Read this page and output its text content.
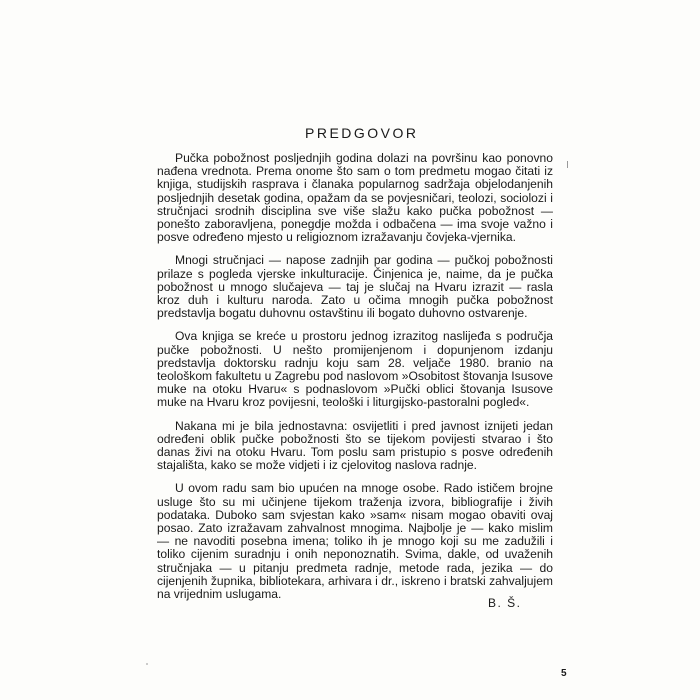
PREDGOVOR

Pučka pobožnost posljednjih godina dolazi na površinu kao ponovno nađena vrednota. Prema onome što sam o tom predmetu mogao čitati iz knjiga, studijskih rasprava i članaka popularnog sadržaja objelodanjenih posljednjih desetak godina, opažam da se povjesničari, teolozi, sociolozi i stručnjaci srodnih disciplina sve više slažu kako pučka pobožnost — ponešto zaboravljena, ponegdje možda i odbačena — ima svoje važno i posve određeno mjesto u religioznom izražavanju čovjeka-vjernika.

Mnogi stručnjaci — napose zadnjih par godina — pučkoj pobožnosti prilaze s pogleda vjerske inkulturacije. Činjenica je, naime, da je pučka pobožnost u mnogo slučajeva — taj je slučaj na Hvaru izrazit — rasla kroz duh i kulturu naroda. Zato u očima mnogih pučka pobožnost predstavlja bogatu duhovnu ostavštinu ili bogato duhovno ostvarenje.

Ova knjiga se kreće u prostoru jednog izrazitog naslijeđa s područja pučke pobožnosti. U nešto promijenjenom i dopunjenom izdanju predstavlja doktorsku radnju koju sam 28. veljače 1980. branio na teološkom fakultetu u Zagrebu pod naslovom »Osobitost štovanja Isusove muke na otoku Hvaru« s podnaslovom »Pučki oblici štovanja Isusove muke na Hvaru kroz povijesni, teološki i liturgijsko-pastoralni pogled«.

Nakana mi je bila jednostavna: osvijetliti i pred javnost iznijeti jedan određeni oblik pučke pobožnosti što se tijekom povijesti stvarao i što danas živi na otoku Hvaru. Tom poslu sam pristupio s posve određenih stajališta, kako se može vidjeti i iz cjelovitog naslova radnje.

U ovom radu sam bio upućen na mnoge osobe. Rado ističem brojne usluge što su mi učinjene tijekom traženja izvora, bibliografije i živih podataka. Duboko sam svjestan kako »sam« nisam mogao obaviti ovaj posao. Zato izražavam zahvalnost mnogima. Najbolje je — kako mislim — ne navoditi posebna imena; toliko ih je mnogo koji su me zadužili i toliko cijenim suradnju i onih neponoznatih. Svima, dakle, od uvaženih stručnjaka — u pitanju predmeta radnje, metode rada, jezika — do cijenjenih župnika, bibliotekara, arhivara i dr., iskreno i bratski zahvaljujem na vrijednim uslugama.

B. Š.
5
